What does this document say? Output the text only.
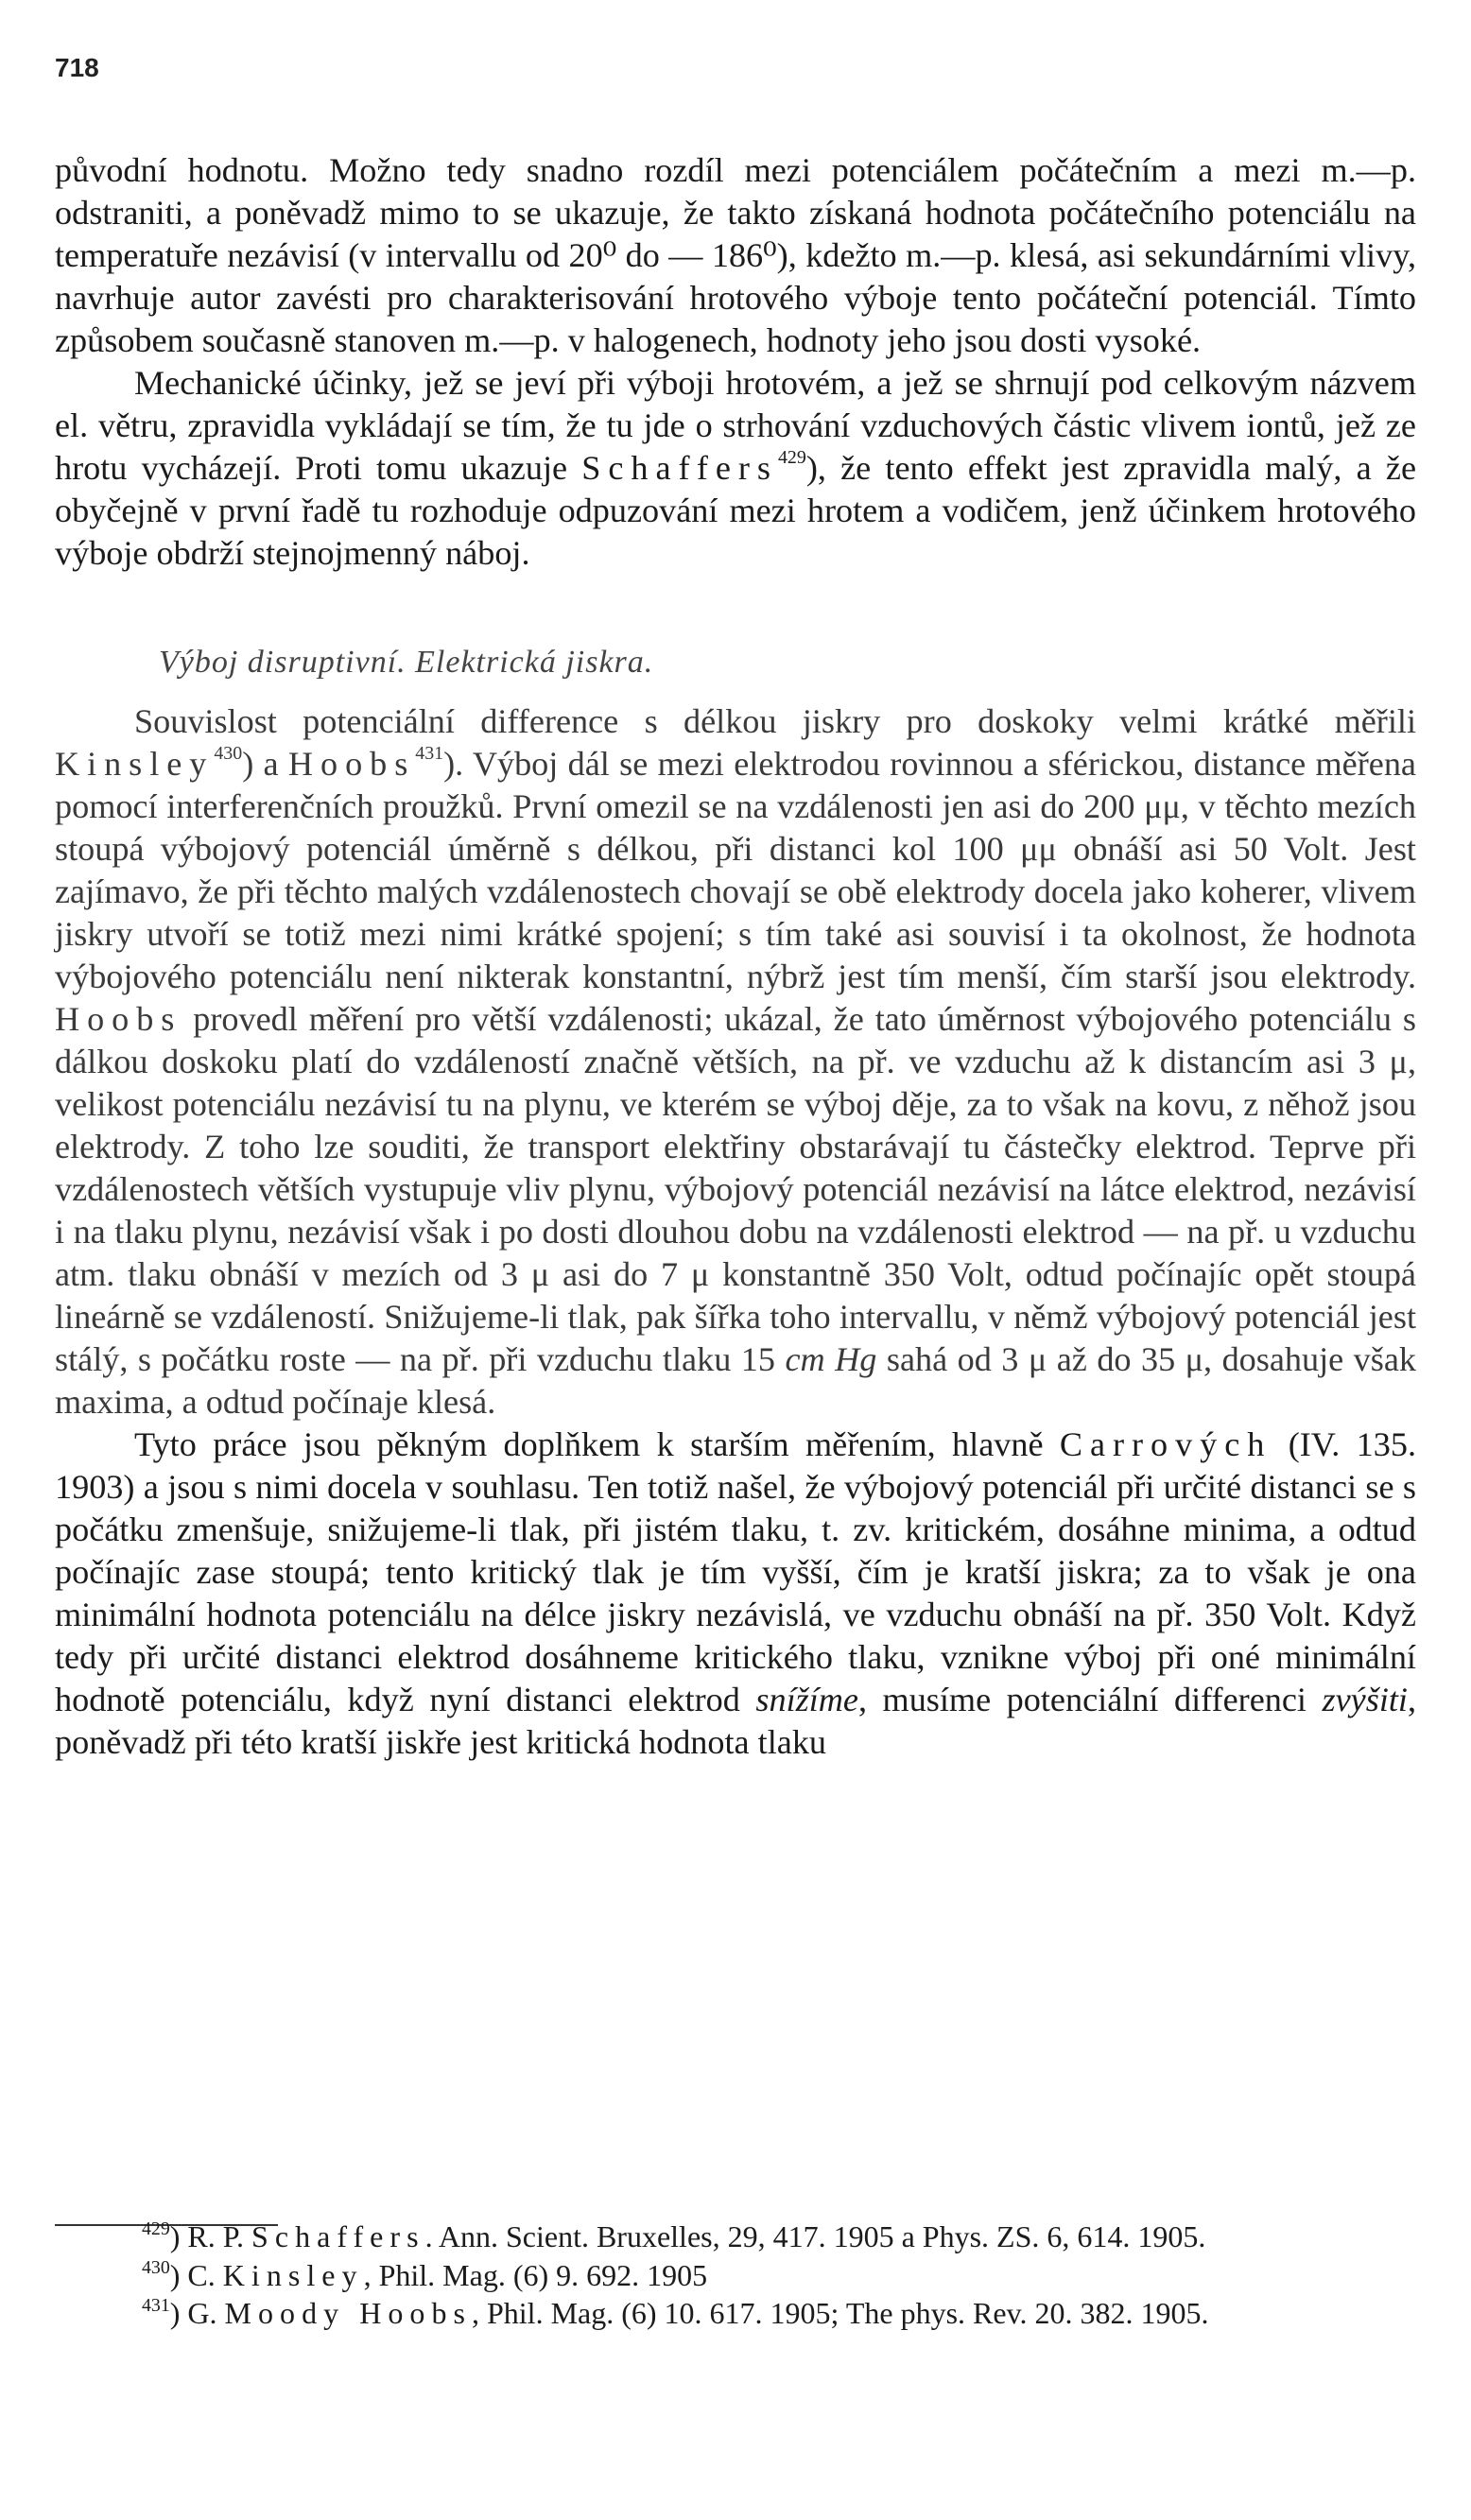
718

původní hodnotu. Možno tedy snadno rozdíl mezi potenciálem počátečním a mezi m.—p. odstraniti, a poněvadž mimo to se ukazuje, že takto získaná hodnota počátečního potenciálu na temperatuře nezávisí (v intervallu od 20⁰ do — 186⁰), kdežto m.—p. klesá, asi sekundárními vlivy, navrhuje autor zavésti pro charakterisování hrotového výboje tento počáteční potenciál. Tímto způsobem současně stanoven m.—p. v halogenech, hodnoty jeho jsou dosti vysoké.

Mechanické účinky, jež se jeví při výboji hrotovém, a jež se shrnují pod celkovým názvem el. větru, zpravidla vykládají se tím, že tu jde o strhování vzduchových částic vlivem iontů, jež ze hrotu vycházejí. Proti tomu ukazuje Schaffers$^{429}$), že tento effekt jest zpravidla malý, a že obyčejně v první řadě tu rozhoduje odpuzování mezi hrotem a vodičem, jenž účinkem hrotového výboje obdrží stejnojmenný náboj.

Výboj disruptivní. Elektrická jiskra.

Souvislost potenciální difference s délkou jiskry pro doskoky velmi krátké měřili Kinsley$^{430}$) a Hoobs$^{431}$). Výboj dál se mezi elektrodou rovinnou a sférickou, distance měřena pomocí interferenčních proužků. První omezil se na vzdálenosti jen asi do 200 μμ, v těchto mezích stoupá výbojový potenciál úměrně s délkou, při distanci kol 100 μμ obnáší asi 50 Volt. Jest zajímavo, že při těchto malých vzdálenostech chovají se obě elektrody docela jako koherer, vlivem jiskry utvoří se totiž mezi nimi krátké spojení; s tím také asi souvisí i ta okolnost, že hodnota výbojového potenciálu není nikterak konstantní, nýbrž jest tím menší, čím starší jsou elektrody. Hoobs provedl měření pro větší vzdálenosti; ukázal, že tato úměrnost výbojového potenciálu s dálkou doskoku platí do vzdáleností značně větších, na př. ve vzduchu až k distancím asi 3 μ, velikost potenciálu nezávisí tu na plynu, ve kterém se výboj děje, za to však na kovu, z něhož jsou elektrody. Z toho lze souditi, že transport elektřiny obstarávají tu částečky elektrod. Teprve při vzdálenostech větších vystupuje vliv plynu, výbojový potenciál nezávisí na látce elektrod, nezávisí i na tlaku plynu, nezávisí však i po dosti dlouhou dobu na vzdálenosti elektrod — na př. u vzduchu atm. tlaku obnáší v mezích od 3 μ asi do 7 μ konstantně 350 Volt, odtud počínajíc opět stoupá lineárně se vzdáleností. Snižujeme-li tlak, pak šířka toho intervallu, v němž výbojový potenciál jest stálý, s počátku roste — na př. při vzduchu tlaku 15 cm Hg sahá od 3 μ až do 35 μ, dosahuje však maxima, a odtud počínaje klesá.

Tyto práce jsou pěkným doplňkem k starším měřením, hlavně Carrových (IV. 135. 1903) a jsou s nimi docela v souhlasu. Ten totiž našel, že výbojový potenciál při určité distanci se s počátku zmenšuje, snižujeme-li tlak, při jistém tlaku, t. zv. kritickém, dosáhne minima, a odtud počínajíc zase stoupá; tento kritický tlak je tím vyšší, čím je kratší jiskra; za to však je ona minimální hodnota potenciálu na délce jiskry nezávislá, ve vzduchu obnáší na př. 350 Volt. Když tedy při určité distanci elektrod dosáhneme kritického tlaku, vznikne výboj při oné minimální hodnotě potenciálu, když nyní distanci elektrod snížíme, musíme potenciální differenci zvýšiti, poněvadž při této kratší jiskře jest kritická hodnota tlaku

$^{429}$) R. P. Schaffers. Ann. Scient. Bruxelles, 29, 417. 1905 a Phys. ZS. 6, 614. 1905.

$^{430}$) C. Kinsley, Phil. Mag. (6) 9. 692. 1905

$^{431}$) G. Moody Hoobs, Phil. Mag. (6) 10. 617. 1905; The phys. Rev. 20. 382. 1905.
